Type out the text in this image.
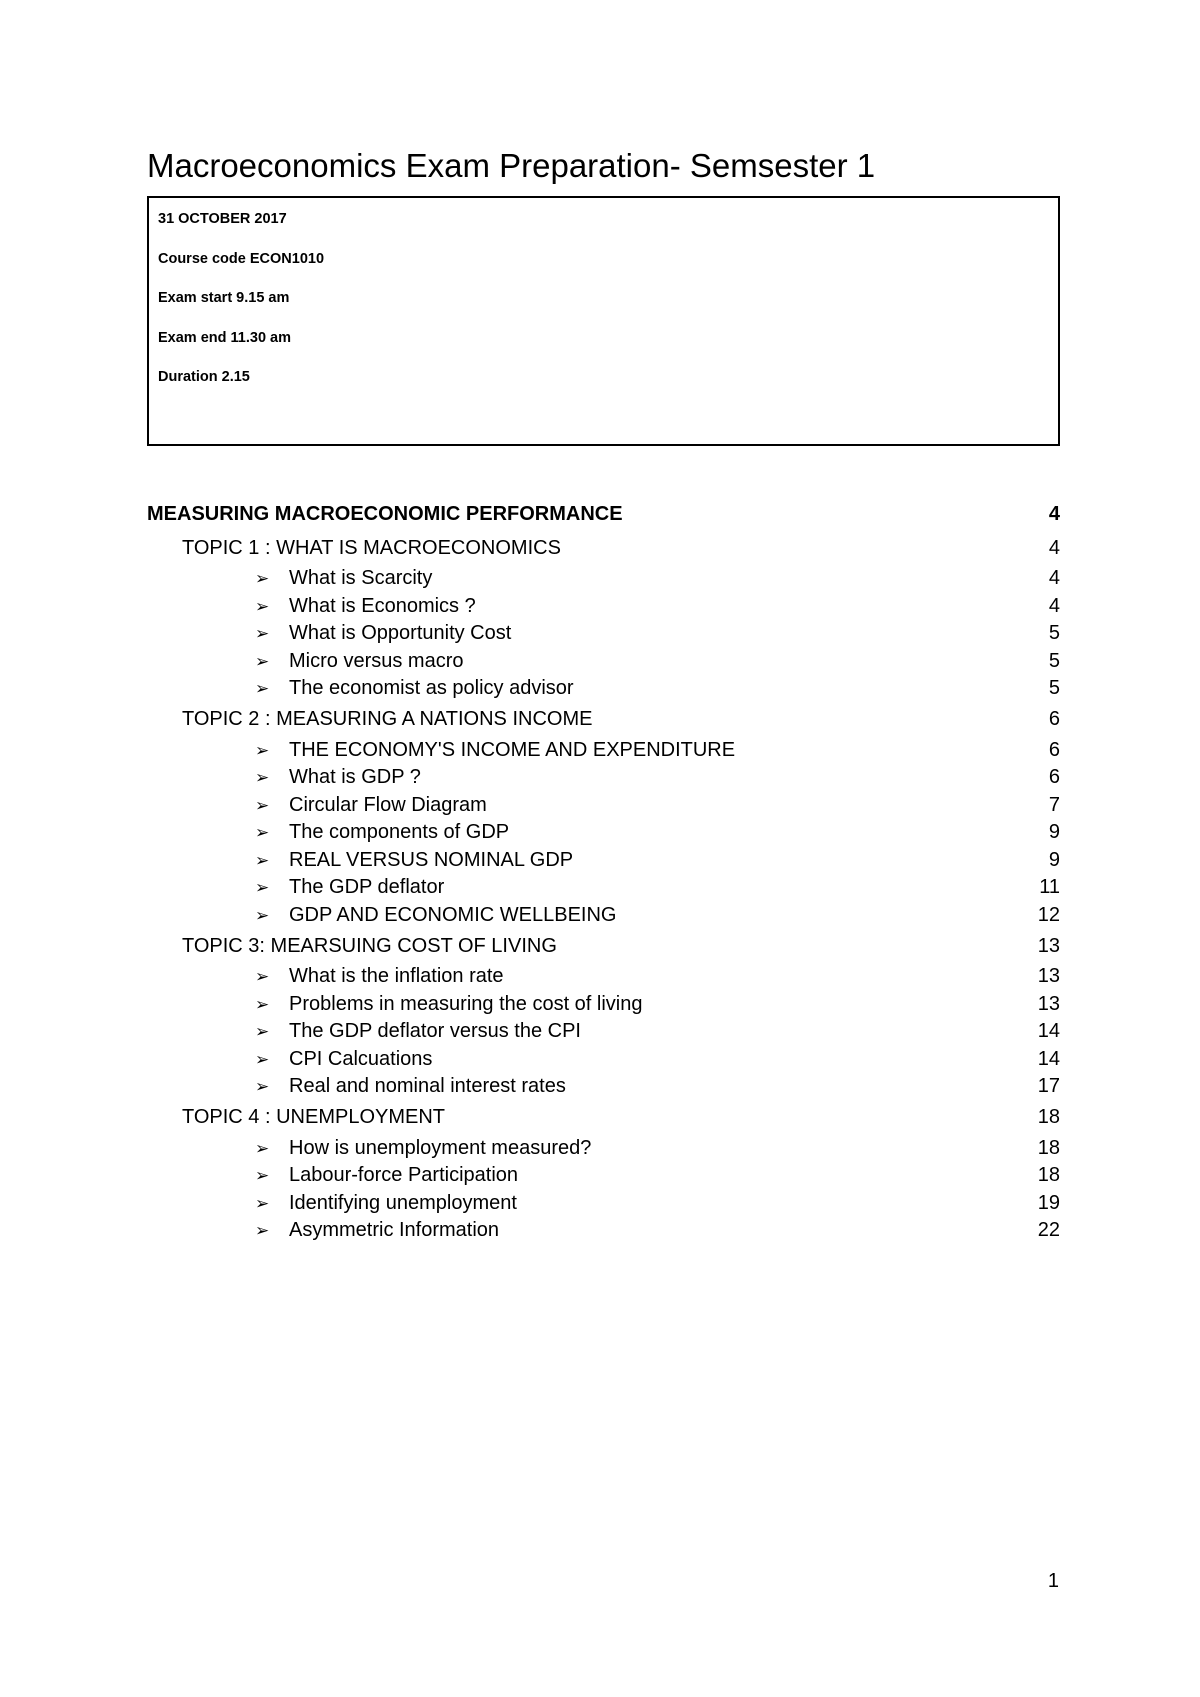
Macroeconomics Exam Preparation- Semsester 1
31 OCTOBER 2017
Course code ECON1010
Exam start 9.15 am
Exam end 11.30 am
Duration 2.15
MEASURING MACROECONOMIC PERFORMANCE	4
TOPIC 1 : WHAT IS MACROECONOMICS	4
➢ What is Scarcity	4
➢ What is Economics ?	4
➢ What is Opportunity Cost	5
➢ Micro versus macro	5
➢ The economist as policy advisor	5
TOPIC 2 : MEASURING A NATIONS INCOME	6
➢ THE ECONOMY'S INCOME AND EXPENDITURE	6
➢ What is GDP ?	6
➢ Circular Flow Diagram	7
➢ The components of GDP	9
➢ REAL VERSUS NOMINAL GDP	9
➢ The GDP deflator	11
➢ GDP AND ECONOMIC WELLBEING	12
TOPIC 3: MEARSUING COST OF LIVING	13
➢ What is the inflation rate	13
➢ Problems in measuring the cost of living	13
➢ The GDP deflator versus the CPI	14
➢ CPI Calcuations	14
➢ Real and nominal interest rates	17
TOPIC 4 : UNEMPLOYMENT	18
➢ How is unemployment measured?	18
➢ Labour-force Participation	18
➢ Identifying unemployment	19
➢ Asymmetric Information	22
1
